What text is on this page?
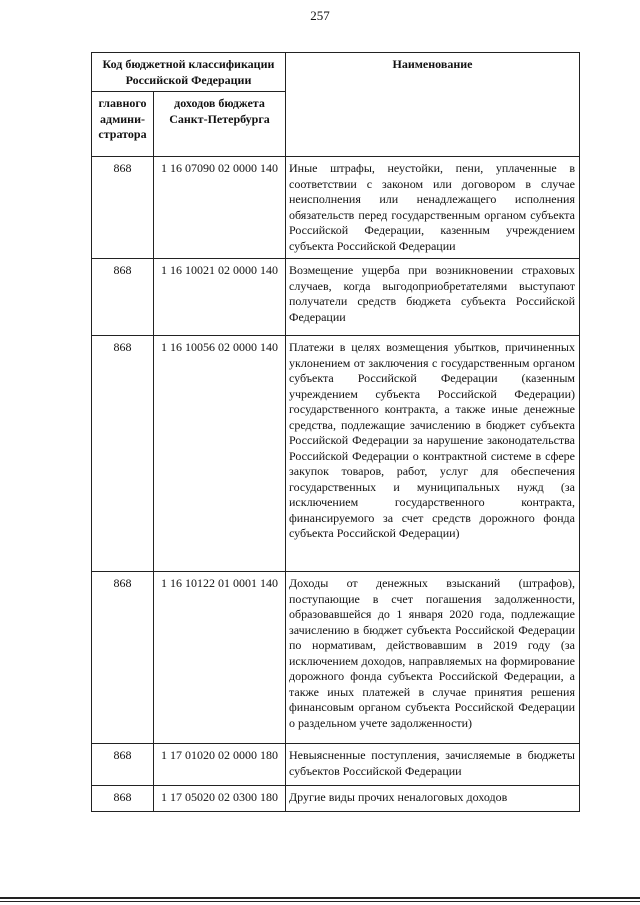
257
Код бюджетной классификации Российской Федерации		Наименование
главного админи-стратора	доходов бюджета Санкт-Петербурга	
868	1 16 07090 02 0000 140	Иные штрафы, неустойки, пени, уплаченные в соответствии с законом или договором в случае неисполнения или ненадлежащего исполнения обязательств перед государственным органом субъекта Российской Федерации, казенным учреждением субъекта Российской Федерации
868	1 16 10021 02 0000 140	Возмещение ущерба при возникновении страховых случаев, когда выгодоприобретателями выступают получатели средств бюджета субъекта Российской Федерации
868	1 16 10056 02 0000 140	Платежи в целях возмещения убытков, причиненных уклонением от заключения с государственным органом субъекта Российской Федерации (казенным учреждением субъекта Российской Федерации) государственного контракта, а также иные денежные средства, подлежащие зачислению в бюджет субъекта Российской Федерации за нарушение законодательства Российской Федерации о контрактной системе в сфере закупок товаров, работ, услуг для обеспечения государственных и муниципальных нужд (за исключением государственного контракта, финансируемого за счет средств дорожного фонда субъекта Российской Федерации)
868	1 16 10122 01 0001 140	Доходы от денежных взысканий (штрафов), поступающие в счет погашения задолженности, образовавшейся до 1 января 2020 года, подлежащие зачислению в бюджет субъекта Российской Федерации по нормативам, действовавшим в 2019 году (за исключением доходов, направляемых на формирование дорожного фонда субъекта Российской Федерации, а также иных платежей в случае принятия решения финансовым органом субъекта Российской Федерации о раздельном учете задолженности)
868	1 17 01020 02 0000 180	Невыясненные поступления, зачисляемые в бюджеты субъектов Российской Федерации
868	1 17 05020 02 0300 180	Другие виды прочих неналоговых доходов
